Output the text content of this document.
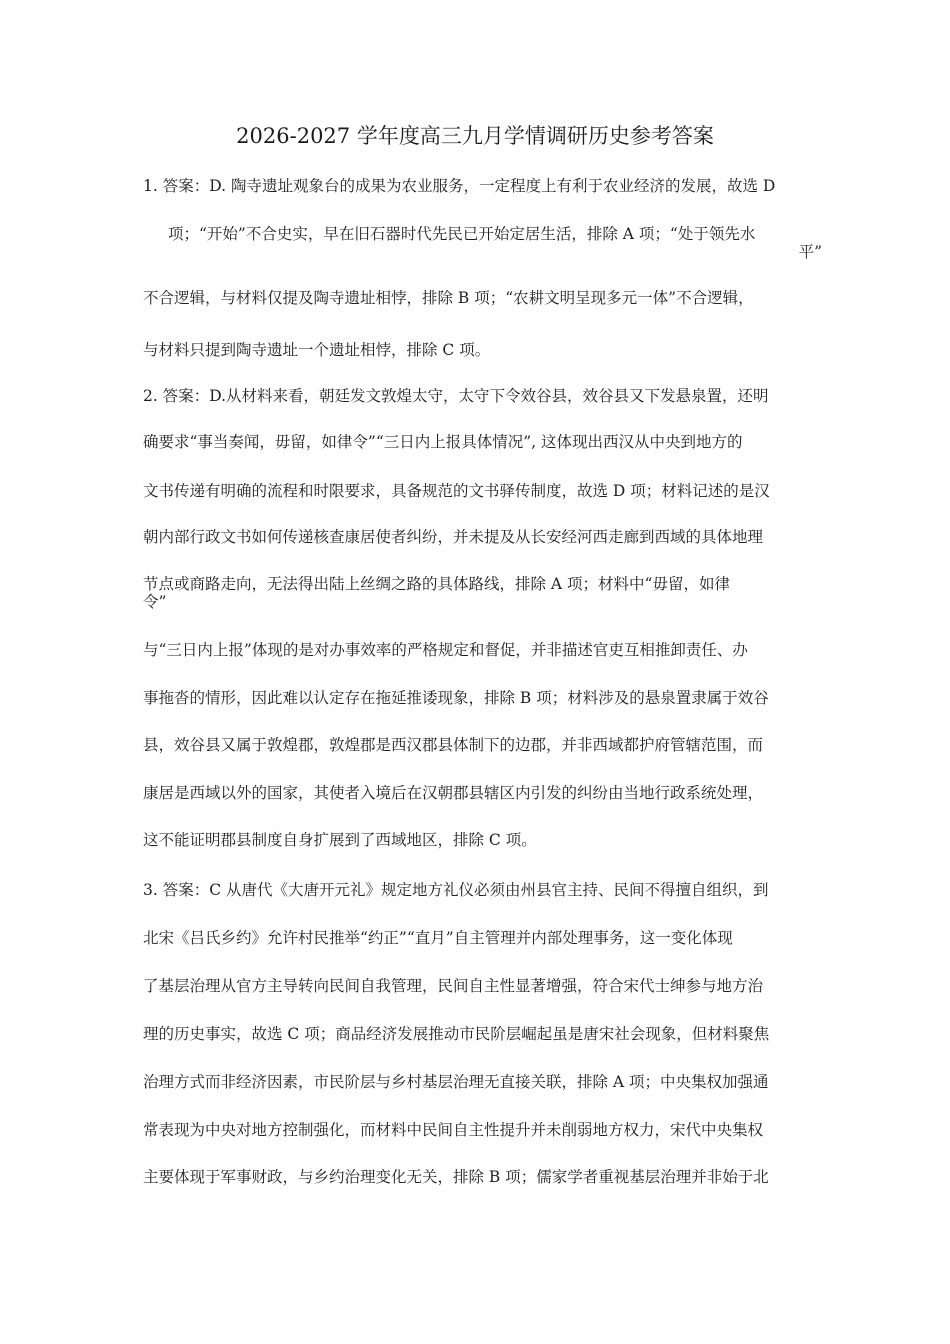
2026-2027 学年度高三九月学情调研历史参考答案
1. 答案：D. 陶寺遗址观象台的成果为农业服务，一定程度上有利于农业经济的发展，故选 D
项；“开始”不合史实，早在旧石器时代先民已开始定居生活，排除 A 项；“处于领先水
平”
不合逻辑，与材料仅提及陶寺遗址相悖，排除 B 项；“农耕文明呈现多元一体”不合逻辑，
与材料只提到陶寺遗址一个遗址相悖，排除 C 项。
2. 答案：D.从材料来看，朝廷发文敦煌太守，太守下令效谷县，效谷县又下发悬泉置，还明
确要求“事当奏闻，毋留，如律令”“三日内上报具体情况”, 这体现出西汉从中央到地方的
文书传递有明确的流程和时限要求，具备规范的文书驿传制度，故选 D 项；材料记述的是汉
朝内部行政文书如何传递核查康居使者纠纷，并未提及从长安经河西走廊到西域的具体地理
节点或商路走向，无法得出陆上丝绸之路的具体路线，排除 A 项；材料中“毋留，如律
令”
与“三日内上报”体现的是对办事效率的严格规定和督促，并非描述官吏互相推卸责任、办
事拖沓的情形，因此难以认定存在拖延推诿现象，排除 B 项；材料涉及的悬泉置隶属于效谷
县，效谷县又属于敦煌郡，敦煌郡是西汉郡县体制下的边郡，并非西域都护府管辖范围，而
康居是西域以外的国家，其使者入境后在汉朝郡县辖区内引发的纠纷由当地行政系统处理，
这不能证明郡县制度自身扩展到了西域地区，排除 C 项。
3. 答案：C 从唐代《大唐开元礼》规定地方礼仪必须由州县官主持、民间不得擅自组织，到
北宋《吕氏乡约》允许村民推举“约正”“直月”自主管理并内部处理事务，这一变化体现
了基层治理从官方主导转向民间自我管理，民间自主性显著增强，符合宋代士绅参与地方治
理的历史事实，故选 C 项；商品经济发展推动市民阶层崛起虽是唐宋社会现象，但材料聚焦
治理方式而非经济因素，市民阶层与乡村基层治理无直接关联，排除 A 项；中央集权加强通
常表现为中央对地方控制强化，而材料中民间自主性提升并未削弱地方权力，宋代中央集权
主要体现于军事财政，与乡约治理变化无关，排除 B 项；儒家学者重视基层治理并非始于北
